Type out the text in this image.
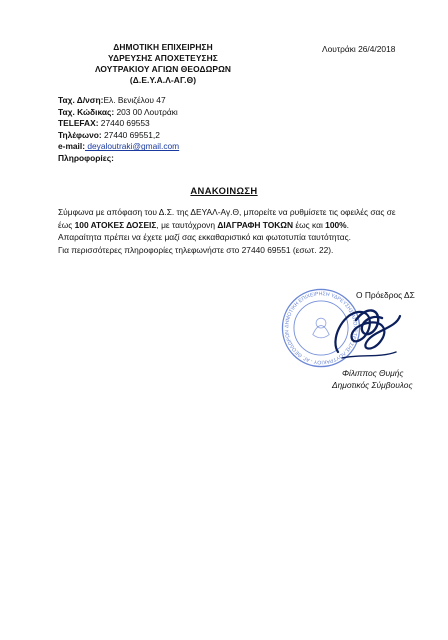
ΔΗΜΟΤΙΚΗ ΕΠΙΧΕΙΡΗΣΗ
ΥΔΡΕΥΣΗΣ ΑΠΟΧΕΤΕΥΣΗΣ
ΛΟΥΤΡΑΚΙΟΥ ΑΓΙΩΝ ΘΕΟΔΩΡΩΝ
(Δ.Ε.Υ.Α.Λ-ΑΓ.Θ)
Λουτράκι 26/4/2018
Ταχ. Δ/νση:Ελ. Βενιζέλου 47
Ταχ. Κώδικας: 203 00 Λουτράκι
TELEFAX: 27440 69553
Τηλέφωνο: 27440 69551,2
e-mail: deyaloutraki@gmail.com
Πληροφορίες:
ΑΝΑΚΟΙΝΩΣΗ

Σύμφωνα με απόφαση του Δ.Σ. της ΔΕΥΑΛ-Αγ.Θ, μπορείτε να ρυθμίσετε τις οφειλές σας σε έως 100 ΑΤΟΚΕΣ ΔΟΣΕΙΣ, με ταυτόχρονη ΔΙΑΓΡΑΦΗ ΤΟΚΩΝ έως και 100%.

Απαραίτητα πρέπει να έχετε μαζί σας εκκαθαριστικό και φωτοτυπία ταυτότητας.

Για περισσότερες πληροφορίες τηλεφωνήστε στο 27440 69551 (εσωτ. 22).

ΔΗΜΟΤΙΚΗ ΕΠΙΧΕΙΡΗΣΗ ΥΔΡΕΥΣΗΣ ΑΠΟΧΕΤΕΥΣΗΣ ΛΟΥΤΡΑΚΙΟΥ - ΑΓ. ΘΕΟΔΩΡΩΝ
Ο Πρόεδρος ΔΣ
Φίλιππος Θυμής
Δημοτικός Σύμβουλος
